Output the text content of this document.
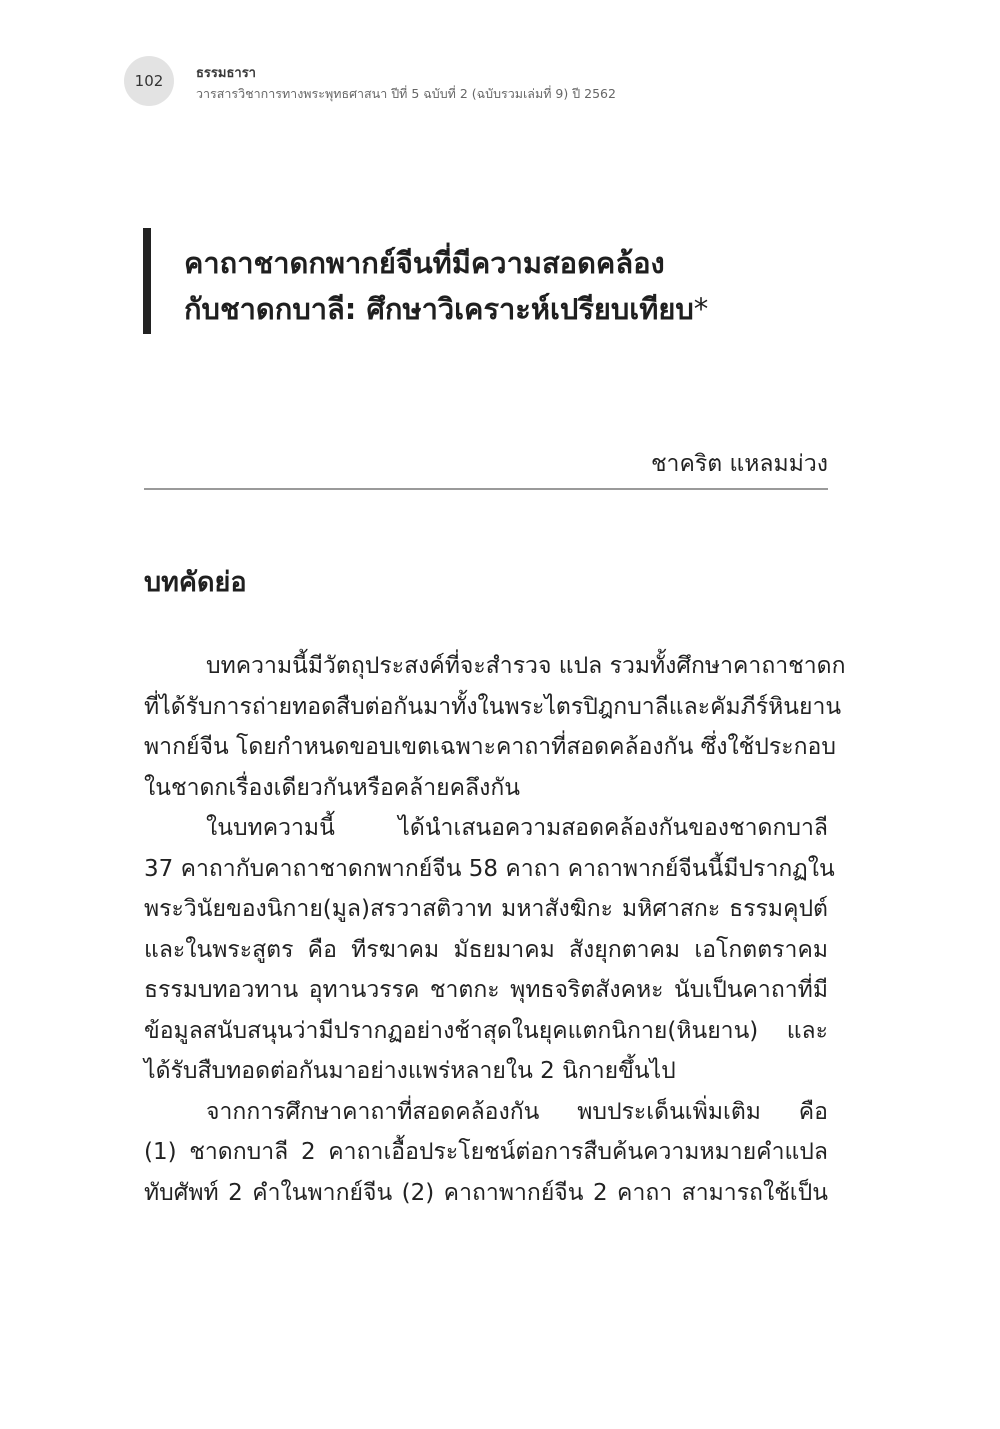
102	ธรรมธารา
วารสารวิชาการทางพระพุทธศาสนา ปีที่ 5 ฉบับที่ 2 (ฉบับรวมเล่มที่ 9) ปี 2562
คาถาชาดกพากย์จีนที่มีความสอดคล้อง
กับชาดกบาลี: ศึกษาวิเคราะห์เปรียบเทียบ*
ชาคริต แหลมม่วง
บทคัดย่อ
บทความนี้มีวัตถุประสงค์ที่จะสำรวจ แปล รวมทั้งศึกษาคาถาชาดก
ที่ได้รับการถ่ายทอดสืบต่อกันมาทั้งในพระไตรปิฎกบาลีและคัมภีร์หินยาน
พากย์จีน โดยกำหนดขอบเขตเฉพาะคาถาที่สอดคล้องกัน ซึ่งใช้ประกอบ
ในชาดกเรื่องเดียวกันหรือคล้ายคลึงกัน
ในบทความนี้ ได้นำเสนอความสอดคล้องกันของชาดกบาลี
37 คาถากับคาถาชาดกพากย์จีน 58 คาถา คาถาพากย์จีนนี้มีปรากฏใน
พระวินัยของนิกาย(มูล)สรวาสติวาท มหาสังฆิกะ มหิศาสกะ ธรรมคุปต์
และในพระสูตร คือ ทีรฆาคม มัธยมาคม สังยุกตาคม เอโกตตราคม
ธรรมบทอวทาน อุทานวรรค ชาตกะ พุทธจริตสังคหะ นับเป็นคาถาที่มี
ข้อมูลสนับสนุนว่ามีปรากฏอย่างช้าสุดในยุคแตกนิกาย(หินยาน) และ
ได้รับสืบทอดต่อกันมาอย่างแพร่หลายใน 2 นิกายขึ้นไป
จากการศึกษาคาถาที่สอดคล้องกัน พบประเด็นเพิ่มเติม คือ
(1) ชาดกบาลี 2 คาถาเอื้อประโยชน์ต่อการสืบค้นความหมายคำแปล
ทับศัพท์ 2 คำในพากย์จีน (2) คาถาพากย์จีน 2 คาถา สามารถใช้เป็น
